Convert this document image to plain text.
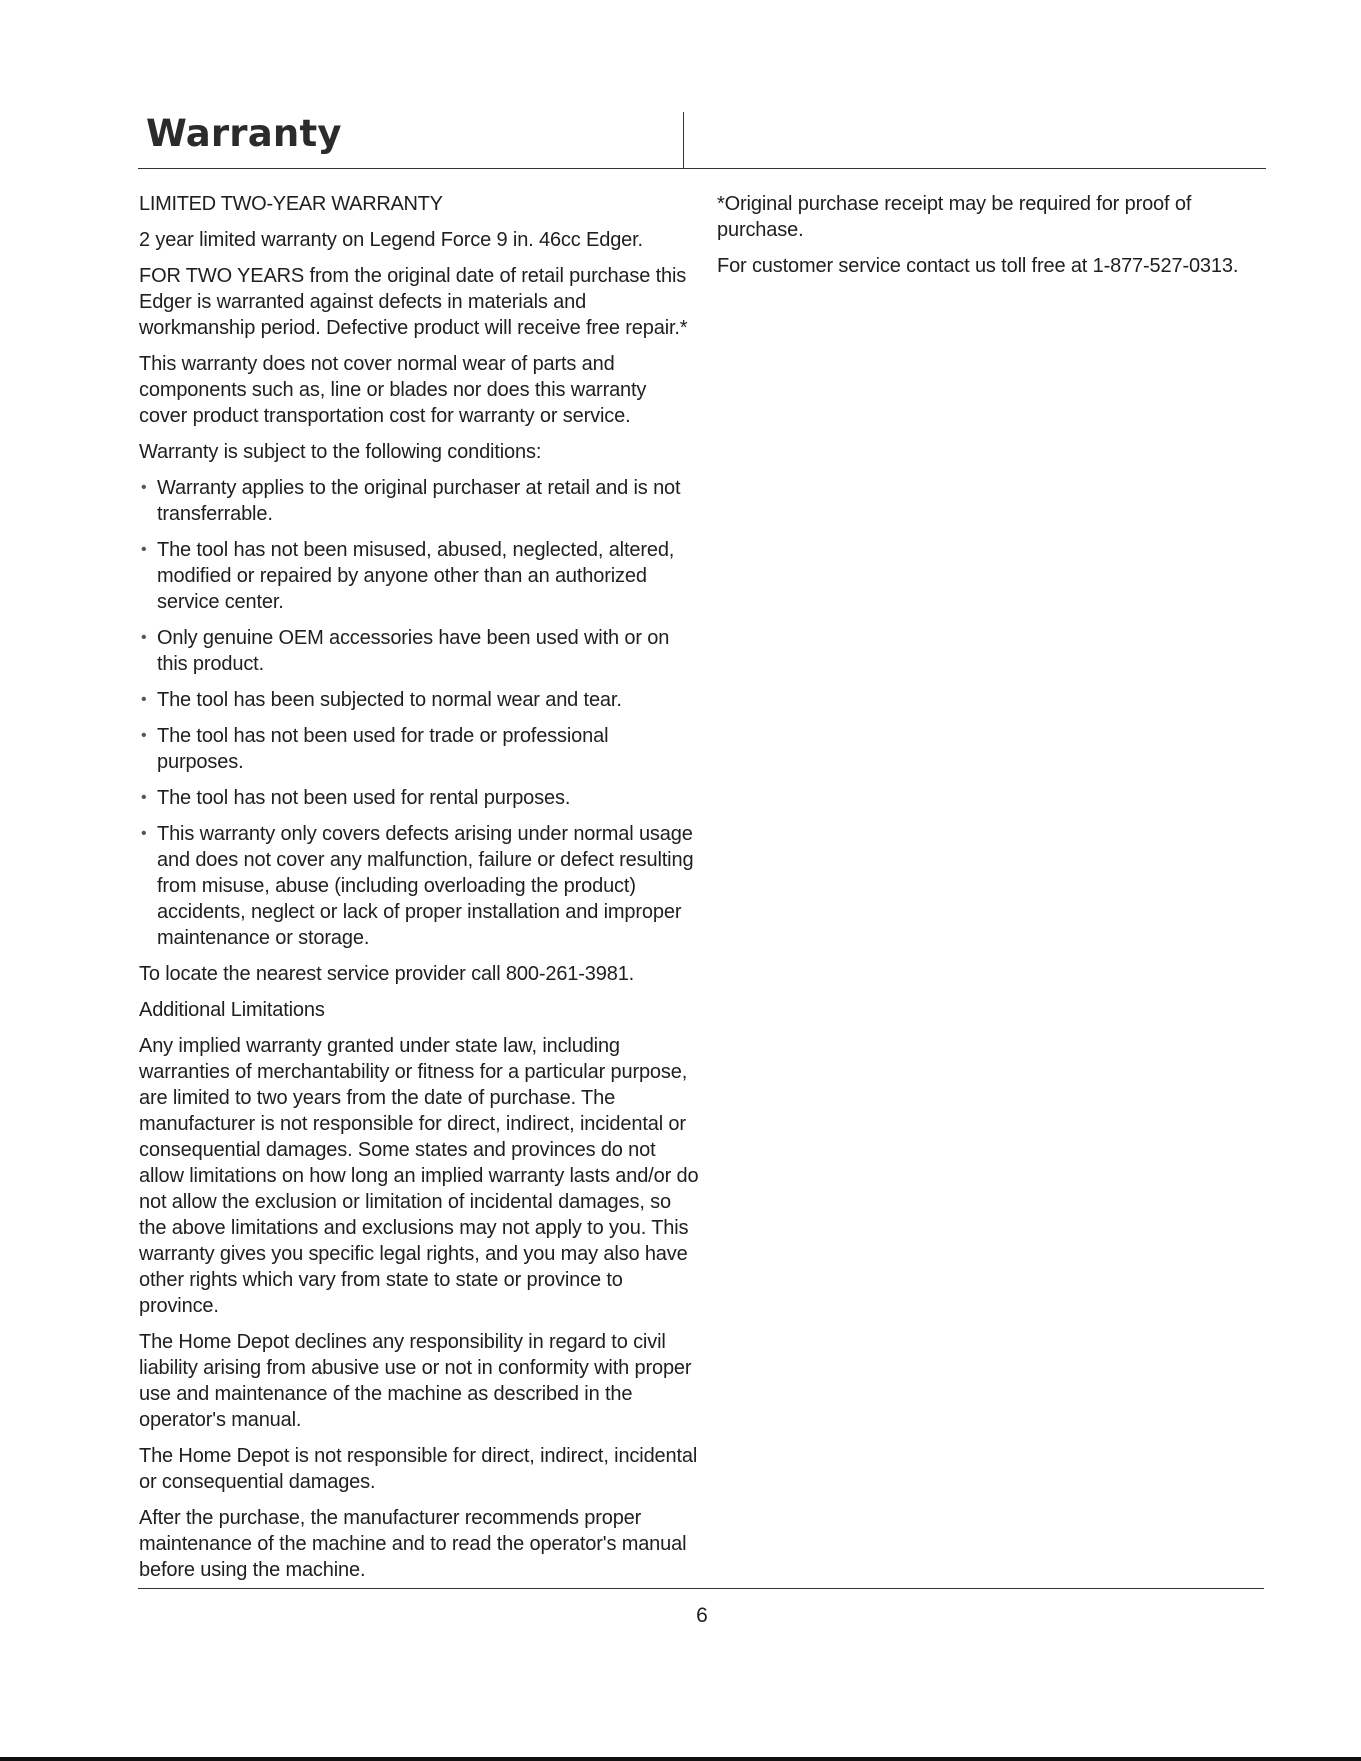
Warranty

LIMITED TWO-YEAR WARRANTY

2 year limited warranty on Legend Force 9 in. 46cc Edger.

FOR TWO YEARS from the original date of retail purchase this Edger is warranted against defects in materials and workmanship period. Defective product will receive free repair.*

This warranty does not cover normal wear of parts and components such as, line or blades nor does this warranty cover product transportation cost for warranty or service.

Warranty is subject to the following conditions:

• Warranty applies to the original purchaser at retail and is not transferrable.
• The tool has not been misused, abused, neglected, altered, modified or repaired by anyone other than an authorized service center.
• Only genuine OEM accessories have been used with or on this product.
• The tool has been subjected to normal wear and tear.
• The tool has not been used for trade or professional purposes.
• The tool has not been used for rental purposes.
• This warranty only covers defects arising under normal usage and does not cover any malfunction, failure or defect resulting from misuse, abuse (including overloading the product) accidents, neglect or lack of proper installation and improper maintenance or storage.

To locate the nearest service provider call 800-261-3981.

Additional Limitations

Any implied warranty granted under state law, including warranties of merchantability or fitness for a particular purpose, are limited to two years from the date of purchase. The manufacturer is not responsible for direct, indirect, incidental or consequential damages. Some states and provinces do not allow limitations on how long an implied warranty lasts and/or do not allow the exclusion or limitation of incidental damages, so the above limitations and exclusions may not apply to you. This warranty gives you specific legal rights, and you may also have other rights which vary from state to state or province to province.

The Home Depot declines any responsibility in regard to civil liability arising from abusive use or not in conformity with proper use and maintenance of the machine as described in the operator's manual.

The Home Depot is not responsible for direct, indirect, incidental or consequential damages.

After the purchase, the manufacturer recommends proper maintenance of the machine and to read the operator's manual before using the machine.

*Original purchase receipt may be required for proof of purchase.

For customer service contact us toll free at 1-877-527-0313.

6
